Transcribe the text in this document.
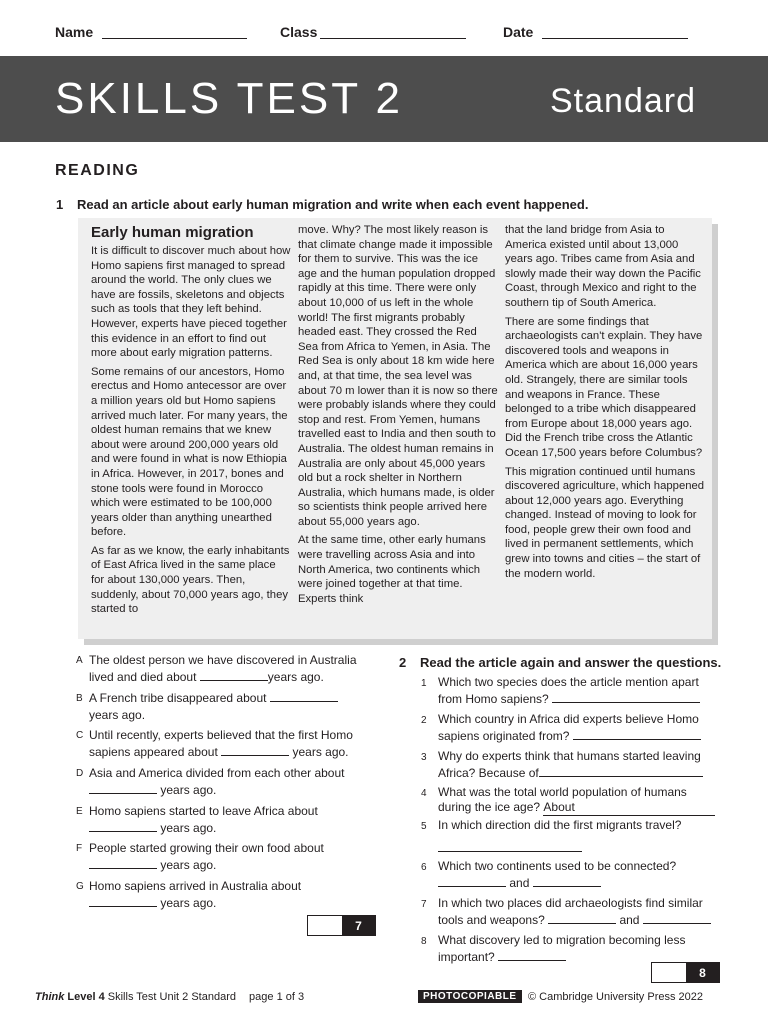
Name	Class	Date
SKILLS TEST 2	Standard
READING
1 Read an article about early human migration and write when each event happened.
Early human migration

It is difficult to discover much about how Homo sapiens first managed to spread around the world. The only clues we have are fossils, skeletons and objects such as tools that they left behind. However, experts have pieced together this evidence in an effort to find out more about early migration patterns.

Some remains of our ancestors, Homo erectus and Homo antecessor are over a million years old but Homo sapiens arrived much later. For many years, the oldest human remains that we knew about were around 200,000 years old and were found in what is now Ethiopia in Africa. However, in 2017, bones and stone tools were found in Morocco which were estimated to be 100,000 years older than anything unearthed before.

As far as we know, the early inhabitants of East Africa lived in the same place for about 130,000 years. Then, suddenly, about 70,000 years ago, they started to

move. Why? The most likely reason is that climate change made it impossible for them to survive. This was the ice age and the human population dropped rapidly at this time. There were only about 10,000 of us left in the whole world! The first migrants probably headed east. They crossed the Red Sea from Africa to Yemen, in Asia. The Red Sea is only about 18 km wide here and, at that time, the sea level was about 70 m lower than it is now so there were probably islands where they could stop and rest. From Yemen, humans travelled east to India and then south to Australia. The oldest human remains in Australia are only about 45,000 years old but a rock shelter in Northern Australia, which humans made, is older so scientists think people arrived here about 55,000 years ago.

At the same time, other early humans were travelling across Asia and into North America, two continents which were joined together at that time. Experts think

that the land bridge from Asia to America existed until about 13,000 years ago. Tribes came from Asia and slowly made their way down the Pacific Coast, through Mexico and right to the southern tip of South America.

There are some findings that archaeologists can't explain. They have discovered tools and weapons in America which are about 16,000 years old. Strangely, there are similar tools and weapons in France. These belonged to a tribe which disappeared from Europe about 18,000 years ago. Did the French tribe cross the Atlantic Ocean 17,500 years before Columbus?

This migration continued until humans discovered agriculture, which happened about 12,000 years ago. Everything changed. Instead of moving to look for food, people grew their own food and lived in permanent settlements, which grew into towns and cities – the start of the modern world.

A The oldest person we have discovered in Australia
lived and died about	years ago.
B A French tribe disappeared about
years ago.
C Until recently, experts believed that the first Homo
sapiens appeared about	years ago.
D Asia and America divided from each other about
years ago.
E Homo sapiens started to leave Africa about
years ago.
F People started growing their own food about
years ago.
G Homo sapiens arrived in Australia about
years ago.
7
2 Read the article again and answer the questions.
1 Which two species does the article mention apart
from Homo sapiens?
2 Which country in Africa did experts believe Homo
sapiens originated from?
3 Why do experts think that humans started leaving
Africa? Because of
4 What was the total world population of humans
during the ice age? About
5 In which direction did the first migrants travel?
6 Which two continents used to be connected?
and
7 In which two places did archaeologists find similar
tools and weapons?	and
8 What discovery led to migration becoming less
important?
8
Think Level 4 Skills Test Unit 2 Standard page 1 of 3	PHOTOCOPIABLE	© Cambridge University Press 2022
